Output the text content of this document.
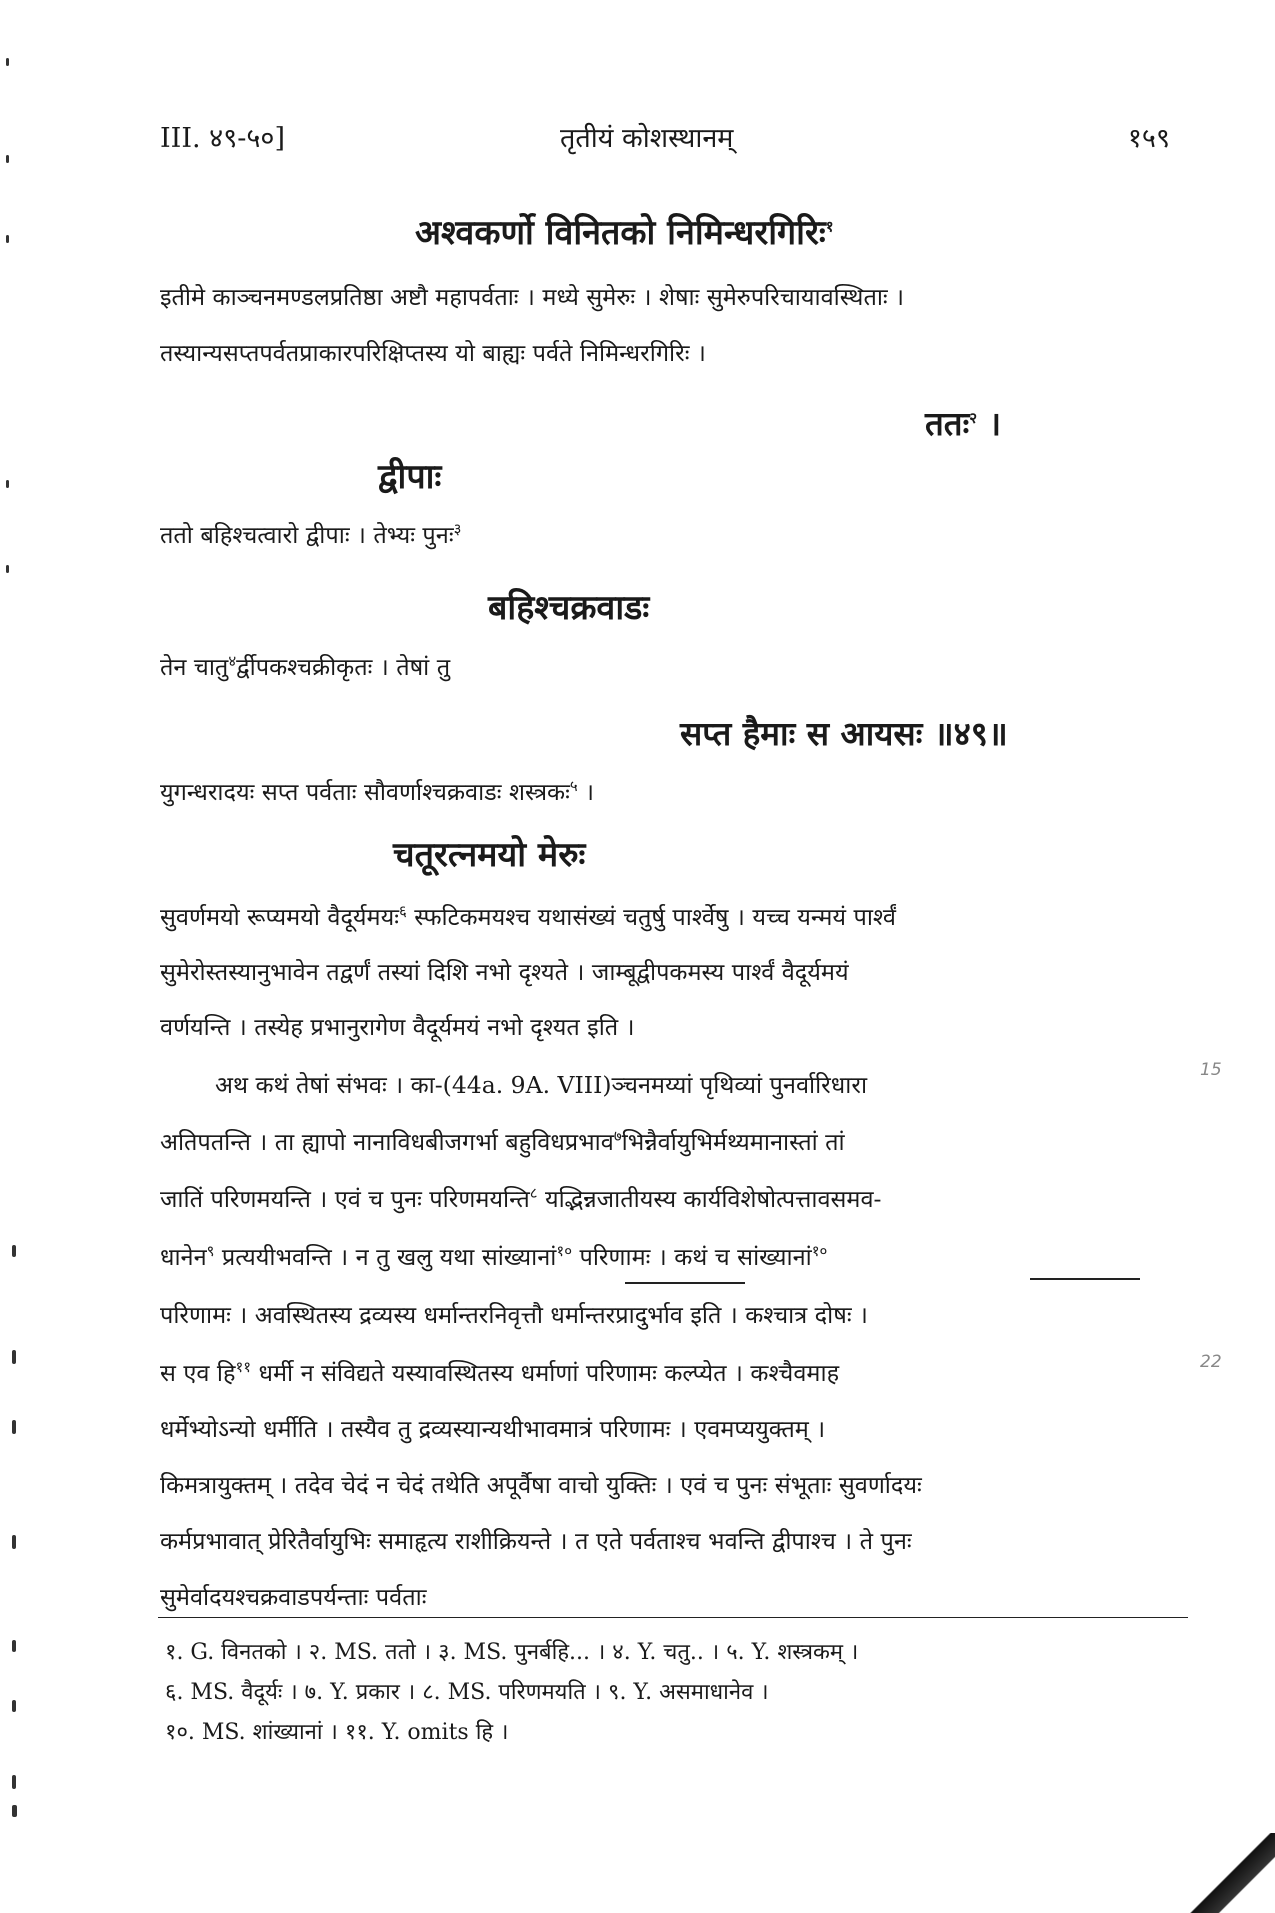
III. ४९-५०]	तृतीयं कोशस्थानम्	१५९
अश्वकर्णो विनितको निमिन्धरगिरिः$^१$
इतीमे काञ्चनमण्डलप्रतिष्ठा अष्टौ महापर्वताः । मध्ये सुमेरुः । शेषाः सुमेरुपरिचायावस्थिताः ।
तस्यान्यसप्तपर्वतप्राकारपरिक्षिप्तस्य यो बाह्यः पर्वते निमिन्धरगिरिः ।
ततः$^२$ ।
द्वीपाः
ततो बहिश्चत्वारो द्वीपाः । तेभ्यः पुनः$^३$
बहिश्चक्रवाडः
तेन चातु$^४$र्द्वीपकश्चक्रीकृतः । तेषां तु
सप्त हैमाः स आयसः ॥४९॥
युगन्धरादयः सप्त पर्वताः सौवर्णाश्चक्रवाडः शस्त्रकः$^५$ ।
चतूरत्नमयो मेरुः
सुवर्णमयो रूप्यमयो वैदूर्यमयः$^६$ स्फटिकमयश्च यथासंख्यं चतुर्षु पार्श्वेषु । यच्च यन्मयं पार्श्वं
सुमेरोस्तस्यानुभावेन तद्वर्णं तस्यां दिशि नभो दृश्यते । जाम्बूद्वीपकमस्य पार्श्वं वैदूर्यमयं
वर्णयन्ति । तस्येह प्रभानुरागेण वैदूर्यमयं नभो दृश्यत इति ।
अथ कथं तेषां संभवः । का-(44a. 9A. VIII)ञ्चनमय्यां पृथिव्यां पुनर्वारिधारा
अतिपतन्ति । ता ह्यापो नानाविधबीजगर्भा बहुविधप्रभाव$^७$भिन्नैर्वायुभिर्मथ्यमानास्तां तां
जातिं परिणमयन्ति । एवं च पुनः परिणमयन्ति$^८$ यद्भिन्नजातीयस्य कार्यविशेषोत्पत्तावसमव-
धानेन$^९$ प्रत्ययीभवन्ति । न तु खलु यथा सांख्यानां$^{१०}$ परिणामः । कथं च सांख्यानां$^{१०}$
परिणामः । अवस्थितस्य द्रव्यस्य धर्मान्तरनिवृत्तौ धर्मान्तरप्रादुर्भाव इति । कश्चात्र दोषः ।
स एव हि$^{११}$ धर्मी न संविद्यते यस्यावस्थितस्य धर्माणां परिणामः कल्प्येत । कश्चैवमाह
धर्मेभ्योऽन्यो धर्मीति । तस्यैव तु द्रव्यस्यान्यथीभावमात्रं परिणामः । एवमप्ययुक्तम् ।
किमत्रायुक्तम् । तदेव चेदं न चेदं तथेति अपूर्वैषा वाचो युक्तिः । एवं च पुनः संभूताः सुवर्णादयः
कर्मप्रभावात् प्रेरितैर्वायुभिः समाहृत्य राशीक्रियन्ते । त एते पर्वताश्च भवन्ति द्वीपाश्च । ते पुनः
सुमेर्वादयश्चक्रवाडपर्यन्ताः पर्वताः
१. G. विनतको । २. MS. ततो । ३. MS. पुनर्बहि... । ४. Y. चतु.. । ५. Y. शस्त्रकम् ।
६. MS. वैदूर्यः । ७. Y. प्रकार । ८. MS. परिणमयति । ९. Y. असमाधानेव ।
१०. MS. शांख्यानां । ११. Y. omits हि ।
15
22
